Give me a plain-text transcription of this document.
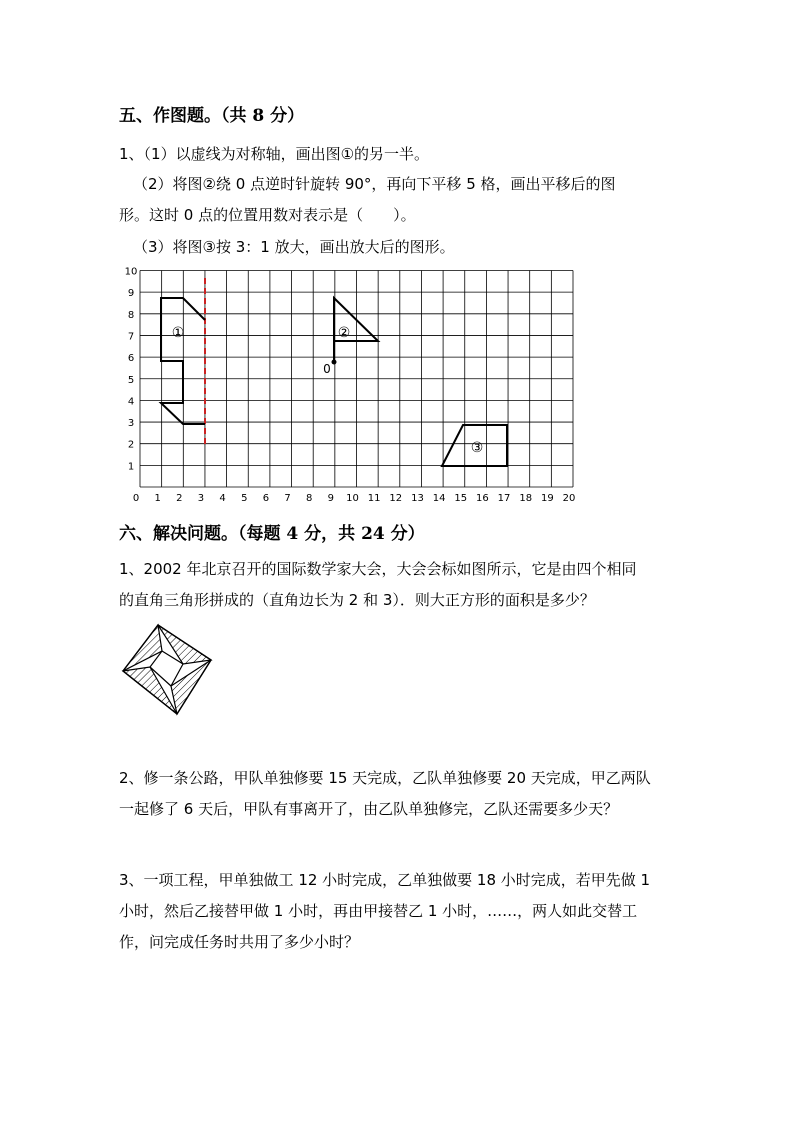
五、作图题。（共 8 分）
1、（1）以虚线为对称轴，画出图①的另一半。
（2）将图②绕 0 点逆时针旋转 90°，再向下平移 5 格，画出平移后的图
形。这时 0 点的位置用数对表示是（　　）。
（3）将图③按 3：1 放大，画出放大后的图形。
0 1 2 3 4 5 6 7 8 9 10 11 12 13 14 15 16 17 18 19 20
1
2
3
4
5
6
7
8
9
10
①
0
②
③
六、解决问题。（每题 4 分，共 24 分）
1、2002 年北京召开的国际数学家大会，大会会标如图所示，它是由四个相同
的直角三角形拼成的（直角边长为 2 和 3）．则大正方形的面积是多少？
2、修一条公路，甲队单独修要 15 天完成，乙队单独修要 20 天完成，甲乙两队
一起修了 6 天后，甲队有事离开了，由乙队单独修完，乙队还需要多少天？
3、一项工程，甲单独做工 12 小时完成，乙单独做要 18 小时完成，若甲先做 1
小时，然后乙接替甲做 1 小时，再由甲接替乙 1 小时，……，两人如此交替工
作，问完成任务时共用了多少小时？
